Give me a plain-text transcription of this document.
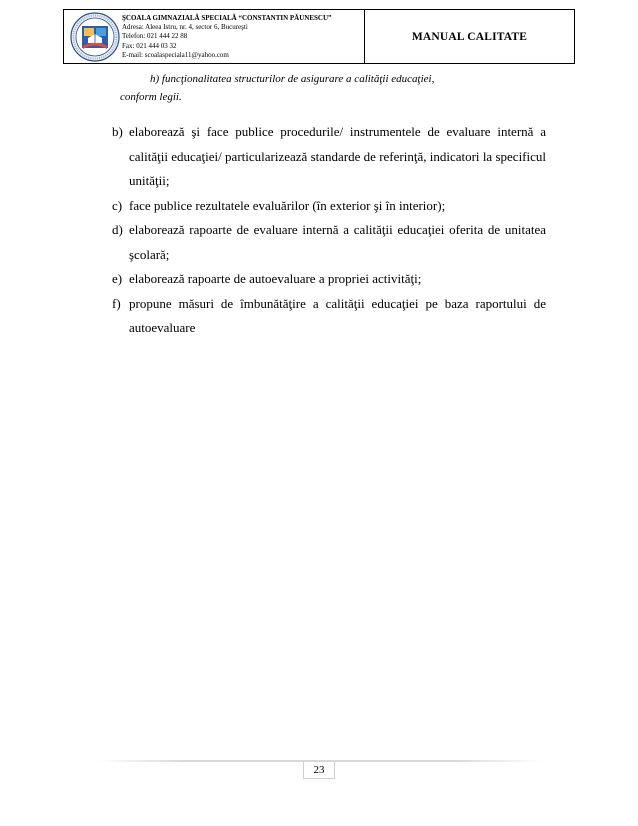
ŞCOALA GIMNAZIALĂ SPECIALĂ “CONSTANTIN PĂUNESCU”
Adresa: Aleea Istru, nr. 4, sector 6, Bucureşti
Telefon: 021 444 22 88
Fax: 021 444 03 32
E-mail: scoalaspeciala11@yahoo.com
MANUAL CALITATE
h) funcţionalitatea structurilor de asigurare a calităţii educaţiei,
conform legii.
b) elaborează şi face publice procedurile/ instrumentele de evaluare internă a calităţii educaţiei/ particularizează standarde de referinţă, indicatori la specificul unităţii;
c) face publice rezultatele evaluărilor (în exterior şi în interior);
d) elaborează rapoarte de evaluare internă a calităţii educaţiei oferita de unitatea şcolară;
e) elaborează rapoarte de autoevaluare a propriei activităţi;
f) propune măsuri de îmbunătăţire a calităţii educaţiei pe baza raportului de autoevaluare
23
